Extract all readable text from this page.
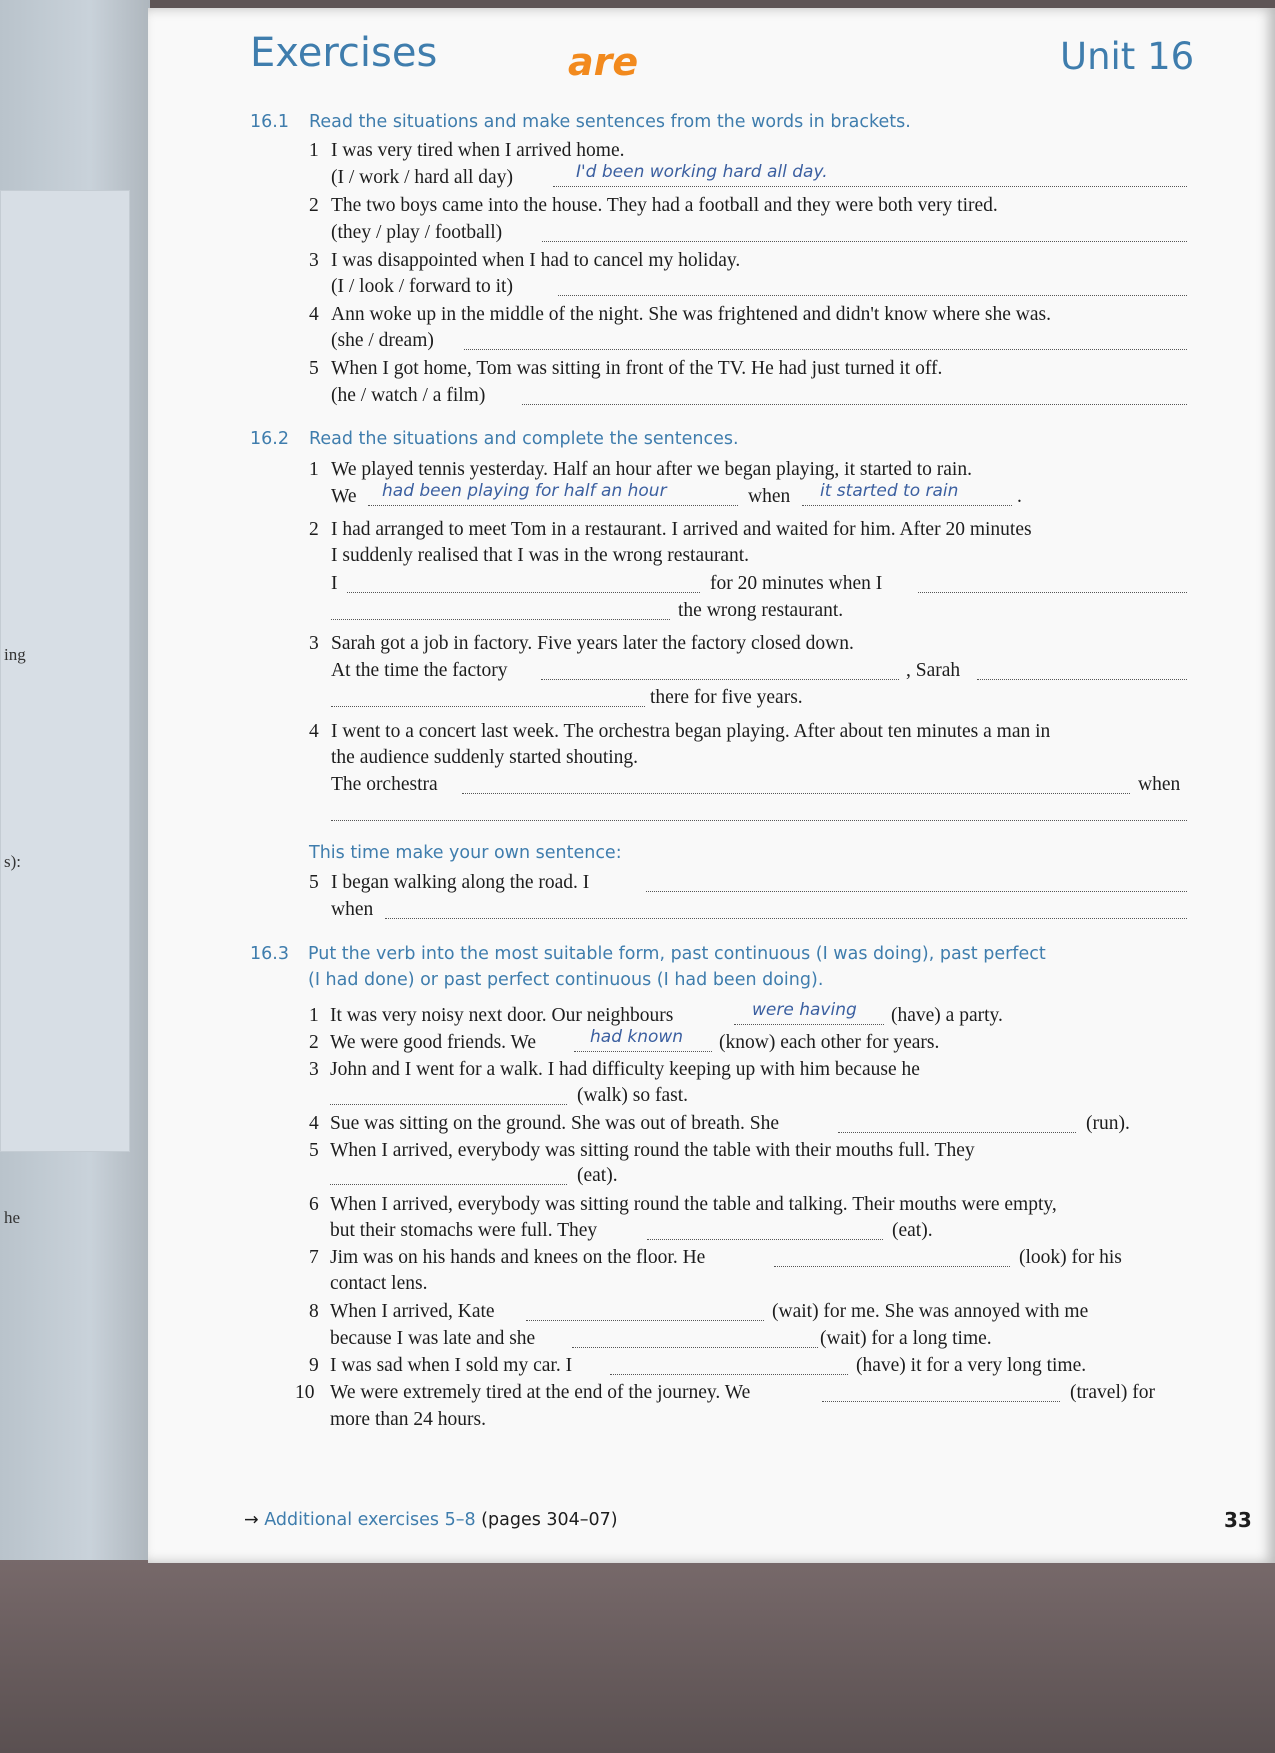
ing
s):
he
Exercises	are	Unit 16
16.1 Read the situations and make sentences from the words in brackets.
1 I was very tired when I arrived home.
(I / work / hard all day)	I'd been working hard all day.
2 The two boys came into the house. They had a football and they were both very tired.
(they / play / football)
3 I was disappointed when I had to cancel my holiday.
(I / look / forward to it)
4 Ann woke up in the middle of the night. She was frightened and didn't know where she was.
(she / dream)
5 When I got home, Tom was sitting in front of the TV. He had just turned it off.
(he / watch / a film)
16.2 Read the situations and complete the sentences.
1 We played tennis yesterday. Half an hour after we began playing, it started to rain.
We had been playing for half an hour	when it started to rain	.
2 I had arranged to meet Tom in a restaurant. I arrived and waited for him. After 20 minutes
I suddenly realised that I was in the wrong restaurant.
I	for 20 minutes when I
the wrong restaurant.
3 Sarah got a job in factory. Five years later the factory closed down.
At the time the factory	, Sarah
there for five years.
4 I went to a concert last week. The orchestra began playing. After about ten minutes a man in
the audience suddenly started shouting.
The orchestra	when
This time make your own sentence:
5 I began walking along the road. I
when
16.3 Put the verb into the most suitable form, past continuous (I was doing), past perfect
(I had done) or past perfect continuous (I had been doing).
1 It was very noisy next door. Our neighbours	were having (have) a party.
2 We were good friends. We	had known (know) each other for years.
3 John and I went for a walk. I had difficulty keeping up with him because he
(walk) so fast.
4 Sue was sitting on the ground. She was out of breath. She	(run).
5 When I arrived, everybody was sitting round the table with their mouths full. They
(eat).
6 When I arrived, everybody was sitting round the table and talking. Their mouths were empty,
but their stomachs were full. They	(eat).
7 Jim was on his hands and knees on the floor. He	(look) for his
contact lens.
8 When I arrived, Kate	(wait) for me. She was annoyed with me
because I was late and she	(wait) for a long time.
9 I was sad when I sold my car. I	(have) it for a very long time.
10 We were extremely tired at the end of the journey. We	(travel) for
more than 24 hours.
→ Additional exercises 5–8 (pages 304–07)	33
